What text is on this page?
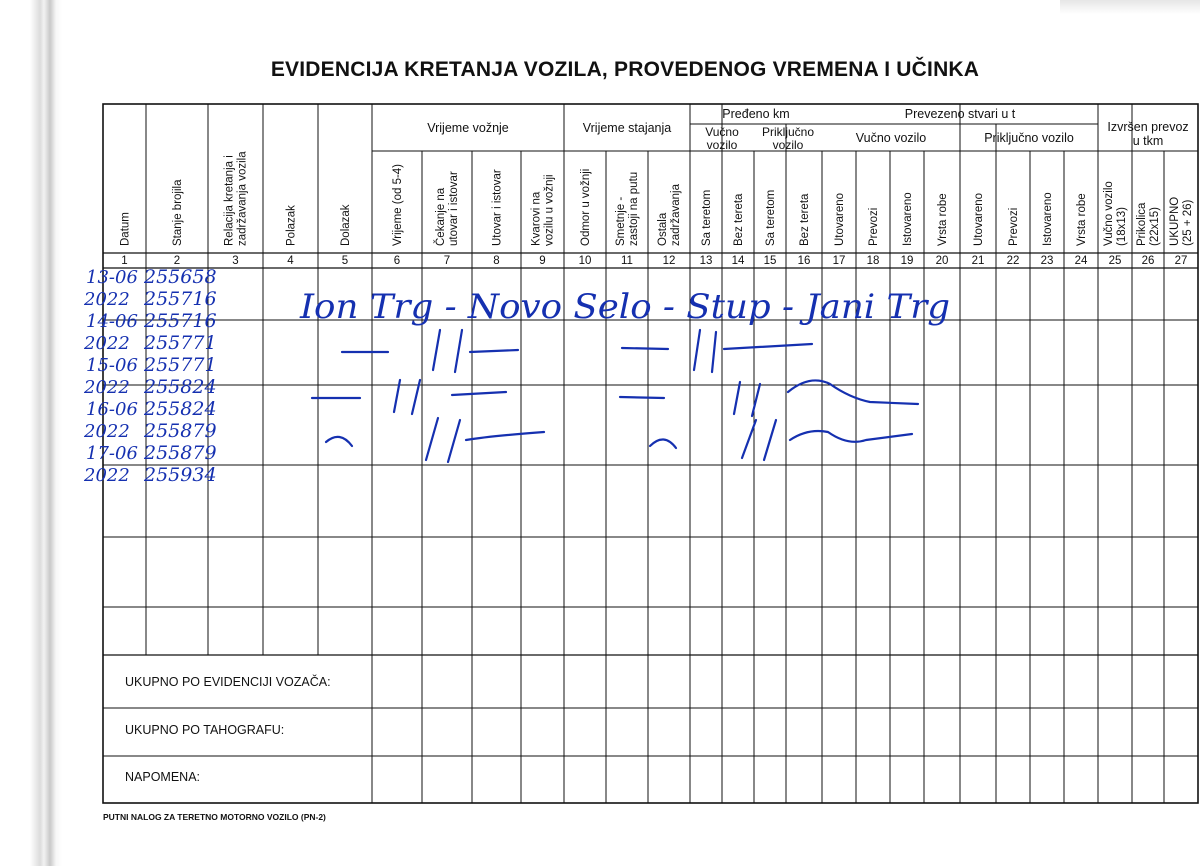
EVIDENCIJA KRETANJA VOZILA, PROVEDENOG VREMENA I UČINKA
Vrijeme vožnje	Vrijeme stajanja
Pređeno km
Vučno
vozilo
Priključno
vozilo
Prevezeno stvari u t
Vučno vozilo	Priključno vozilo
Izvršen prevoz
u tkm
Datum
1
Stanje brojila
2
Relacija kretanja i zadržavanja vozila
3
Polazak
4
Dolazak
5
Vrijeme (od 5-4)
6
Čekanje na utovar i istovar
7
Utovar i istovar
8
Kvarovi na vozilu u vožnji
9
Odmor u vožnji
10
Smetnje - zastoji na putu
11
Ostala zadržavanja
12
Sa teretom
13
Bez tereta
14
Sa teretom
15
Bez tereta
16
Utovareno
17
Prevozi
18
Istovareno
19
Vrsta robe
20
Utovareno
21
Prevozi
22
Istovareno
23
Vrsta robe
24
Vučno vozilo (18x13)
25
Prikolica (22x15)
26
UKUPNO (25 + 26)
27
UKUPNO PO EVIDENCIJI VOZAČA:
UKUPNO PO TAHOGRAFU:
NAPOMENA:
13-06
2022
255658
255716
14-06
2022
255716
255771
15-06
2022
255771
255824
16-06
2022
255824
255879
17-06
2022
255879
255934
Ion Trg - Novo Selo - Stup - Jani Trg
PUTNI NALOG ZA TERETNO MOTORNO VOZILO (PN-2)
